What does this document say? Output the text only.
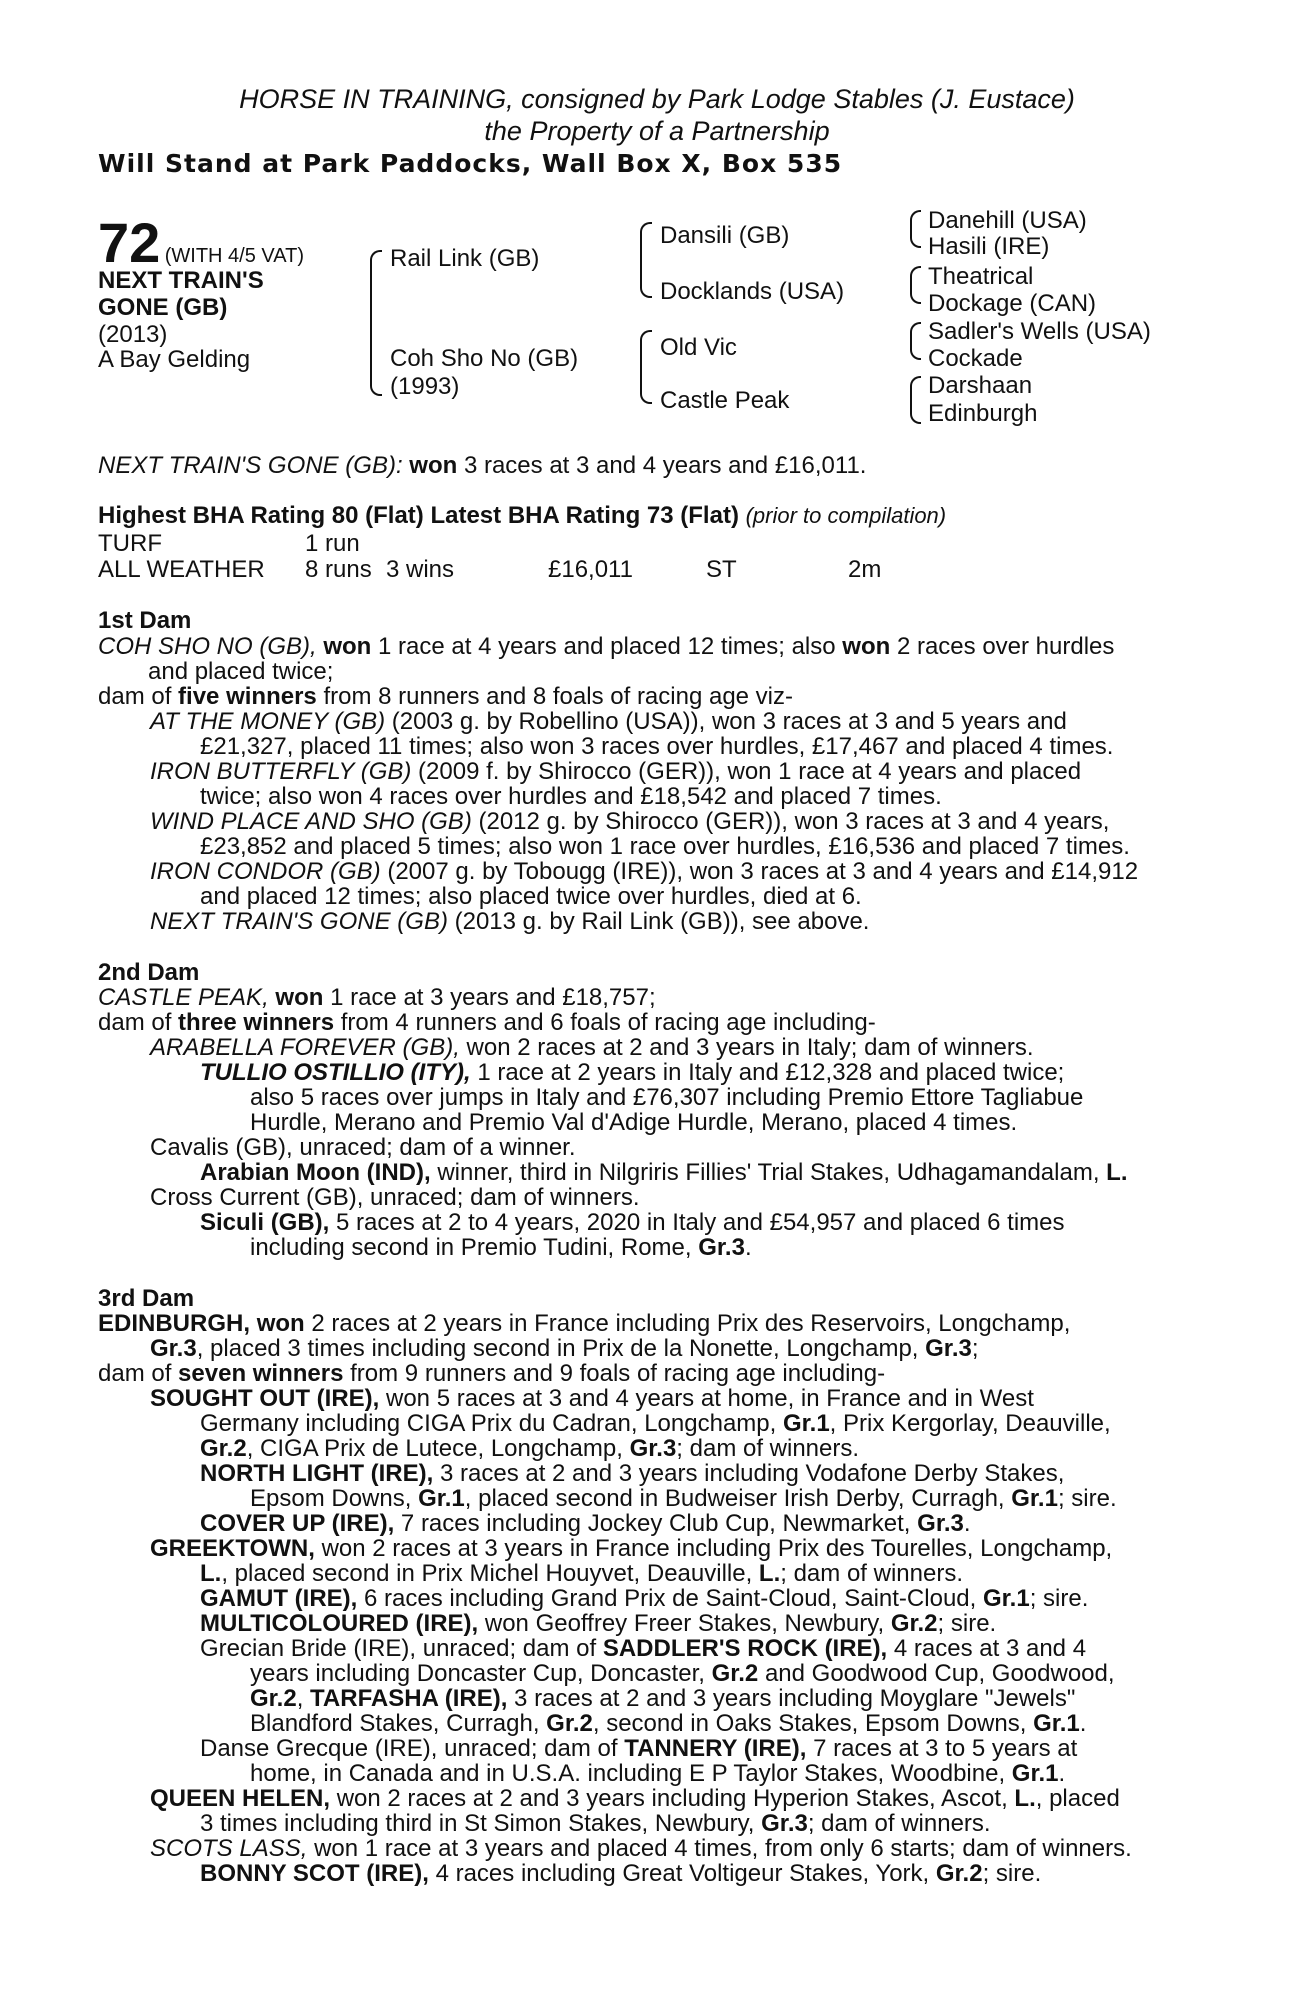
HORSE IN TRAINING, consigned by Park Lodge Stables (J. Eustace)
the Property of a Partnership
Will Stand at Park Paddocks, Wall Box X, Box 535
72 (WITH 4/5 VAT)
NEXT TRAIN'S
GONE (GB)
(2013)
A Bay Gelding
Rail Link (GB)
Coh Sho No (GB)
(1993)
Dansili (GB)
Docklands (USA)
Old Vic
Castle Peak
Danehill (USA)
Hasili (IRE)
Theatrical
Dockage (CAN)
Sadler's Wells (USA)
Cockade
Darshaan
Edinburgh
NEXT TRAIN'S GONE (GB): won 3 races at 3 and 4 years and £16,011.
Highest BHA Rating 80 (Flat) Latest BHA Rating 73 (Flat) (prior to compilation)
TURF	1 run
ALL WEATHER 8 runs 3 wins	£16,011	ST	2m
1st Dam
COH SHO NO (GB), won 1 race at 4 years and placed 12 times; also won 2 races over hurdles
and placed twice;
dam of five winners from 8 runners and 8 foals of racing age viz-
AT THE MONEY (GB) (2003 g. by Robellino (USA)), won 3 races at 3 and 5 years and
£21,327, placed 11 times; also won 3 races over hurdles, £17,467 and placed 4 times.
IRON BUTTERFLY (GB) (2009 f. by Shirocco (GER)), won 1 race at 4 years and placed
twice; also won 4 races over hurdles and £18,542 and placed 7 times.
WIND PLACE AND SHO (GB) (2012 g. by Shirocco (GER)), won 3 races at 3 and 4 years,
£23,852 and placed 5 times; also won 1 race over hurdles, £16,536 and placed 7 times.
IRON CONDOR (GB) (2007 g. by Tobougg (IRE)), won 3 races at 3 and 4 years and £14,912
and placed 12 times; also placed twice over hurdles, died at 6.
NEXT TRAIN'S GONE (GB) (2013 g. by Rail Link (GB)), see above.
2nd Dam
CASTLE PEAK, won 1 race at 3 years and £18,757;
dam of three winners from 4 runners and 6 foals of racing age including-
ARABELLA FOREVER (GB), won 2 races at 2 and 3 years in Italy; dam of winners.
TULLIO OSTILLIO (ITY), 1 race at 2 years in Italy and £12,328 and placed twice;
also 5 races over jumps in Italy and £76,307 including Premio Ettore Tagliabue
Hurdle, Merano and Premio Val d'Adige Hurdle, Merano, placed 4 times.
Cavalis (GB), unraced; dam of a winner.
Arabian Moon (IND), winner, third in Nilgriris Fillies' Trial Stakes, Udhagamandalam, L.
Cross Current (GB), unraced; dam of winners.
Siculi (GB), 5 races at 2 to 4 years, 2020 in Italy and £54,957 and placed 6 times
including second in Premio Tudini, Rome, Gr.3.
3rd Dam
EDINBURGH, won 2 races at 2 years in France including Prix des Reservoirs, Longchamp,
Gr.3, placed 3 times including second in Prix de la Nonette, Longchamp, Gr.3;
dam of seven winners from 9 runners and 9 foals of racing age including-
SOUGHT OUT (IRE), won 5 races at 3 and 4 years at home, in France and in West
Germany including CIGA Prix du Cadran, Longchamp, Gr.1, Prix Kergorlay, Deauville,
Gr.2, CIGA Prix de Lutece, Longchamp, Gr.3; dam of winners.
NORTH LIGHT (IRE), 3 races at 2 and 3 years including Vodafone Derby Stakes,
Epsom Downs, Gr.1, placed second in Budweiser Irish Derby, Curragh, Gr.1; sire.
COVER UP (IRE), 7 races including Jockey Club Cup, Newmarket, Gr.3.
GREEKTOWN, won 2 races at 3 years in France including Prix des Tourelles, Longchamp,
L., placed second in Prix Michel Houyvet, Deauville, L.; dam of winners.
GAMUT (IRE), 6 races including Grand Prix de Saint-Cloud, Saint-Cloud, Gr.1; sire.
MULTICOLOURED (IRE), won Geoffrey Freer Stakes, Newbury, Gr.2; sire.
Grecian Bride (IRE), unraced; dam of SADDLER'S ROCK (IRE), 4 races at 3 and 4
years including Doncaster Cup, Doncaster, Gr.2 and Goodwood Cup, Goodwood,
Gr.2, TARFASHA (IRE), 3 races at 2 and 3 years including Moyglare "Jewels"
Blandford Stakes, Curragh, Gr.2, second in Oaks Stakes, Epsom Downs, Gr.1.
Danse Grecque (IRE), unraced; dam of TANNERY (IRE), 7 races at 3 to 5 years at
home, in Canada and in U.S.A. including E P Taylor Stakes, Woodbine, Gr.1.
QUEEN HELEN, won 2 races at 2 and 3 years including Hyperion Stakes, Ascot, L., placed
3 times including third in St Simon Stakes, Newbury, Gr.3; dam of winners.
SCOTS LASS, won 1 race at 3 years and placed 4 times, from only 6 starts; dam of winners.
BONNY SCOT (IRE), 4 races including Great Voltigeur Stakes, York, Gr.2; sire.
